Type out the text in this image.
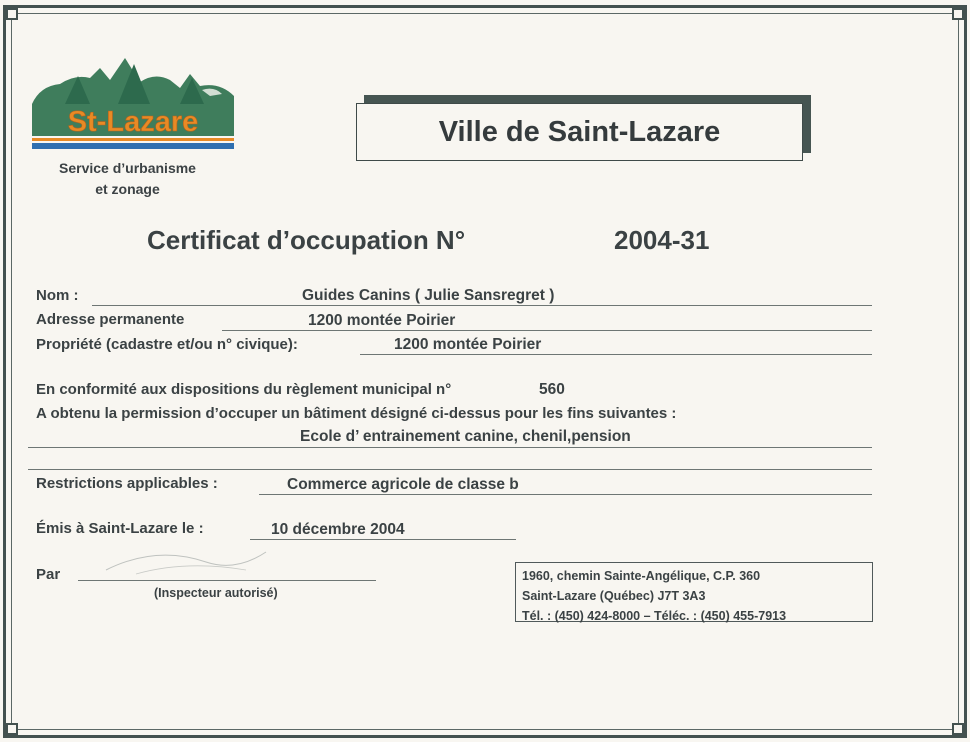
St-Lazare
Service d’urbanisme
et zonage
Ville de Saint-Lazare
Certificat d’occupation N°	2004-31
Nom :	Guides Canins ( Julie Sansregret )
Adresse permanente	1200 montée Poirier
Propriété (cadastre et/ou n° civique):	1200 montée Poirier
En conformité aux dispositions du règlement municipal n°	560
A obtenu la permission d’occuper un bâtiment désigné ci-dessus pour les fins suivantes :
Ecole d’ entrainement canine, chenil,pension
Restrictions applicables :	Commerce agricole de classe b
Émis à Saint-Lazare le :	10 décembre 2004
Par
(Inspecteur autorisé)
1960, chemin Sainte-Angélique, C.P. 360
Saint-Lazare (Québec) J7T 3A3
Tél. : (450) 424-8000 – Téléc. : (450) 455-7913
